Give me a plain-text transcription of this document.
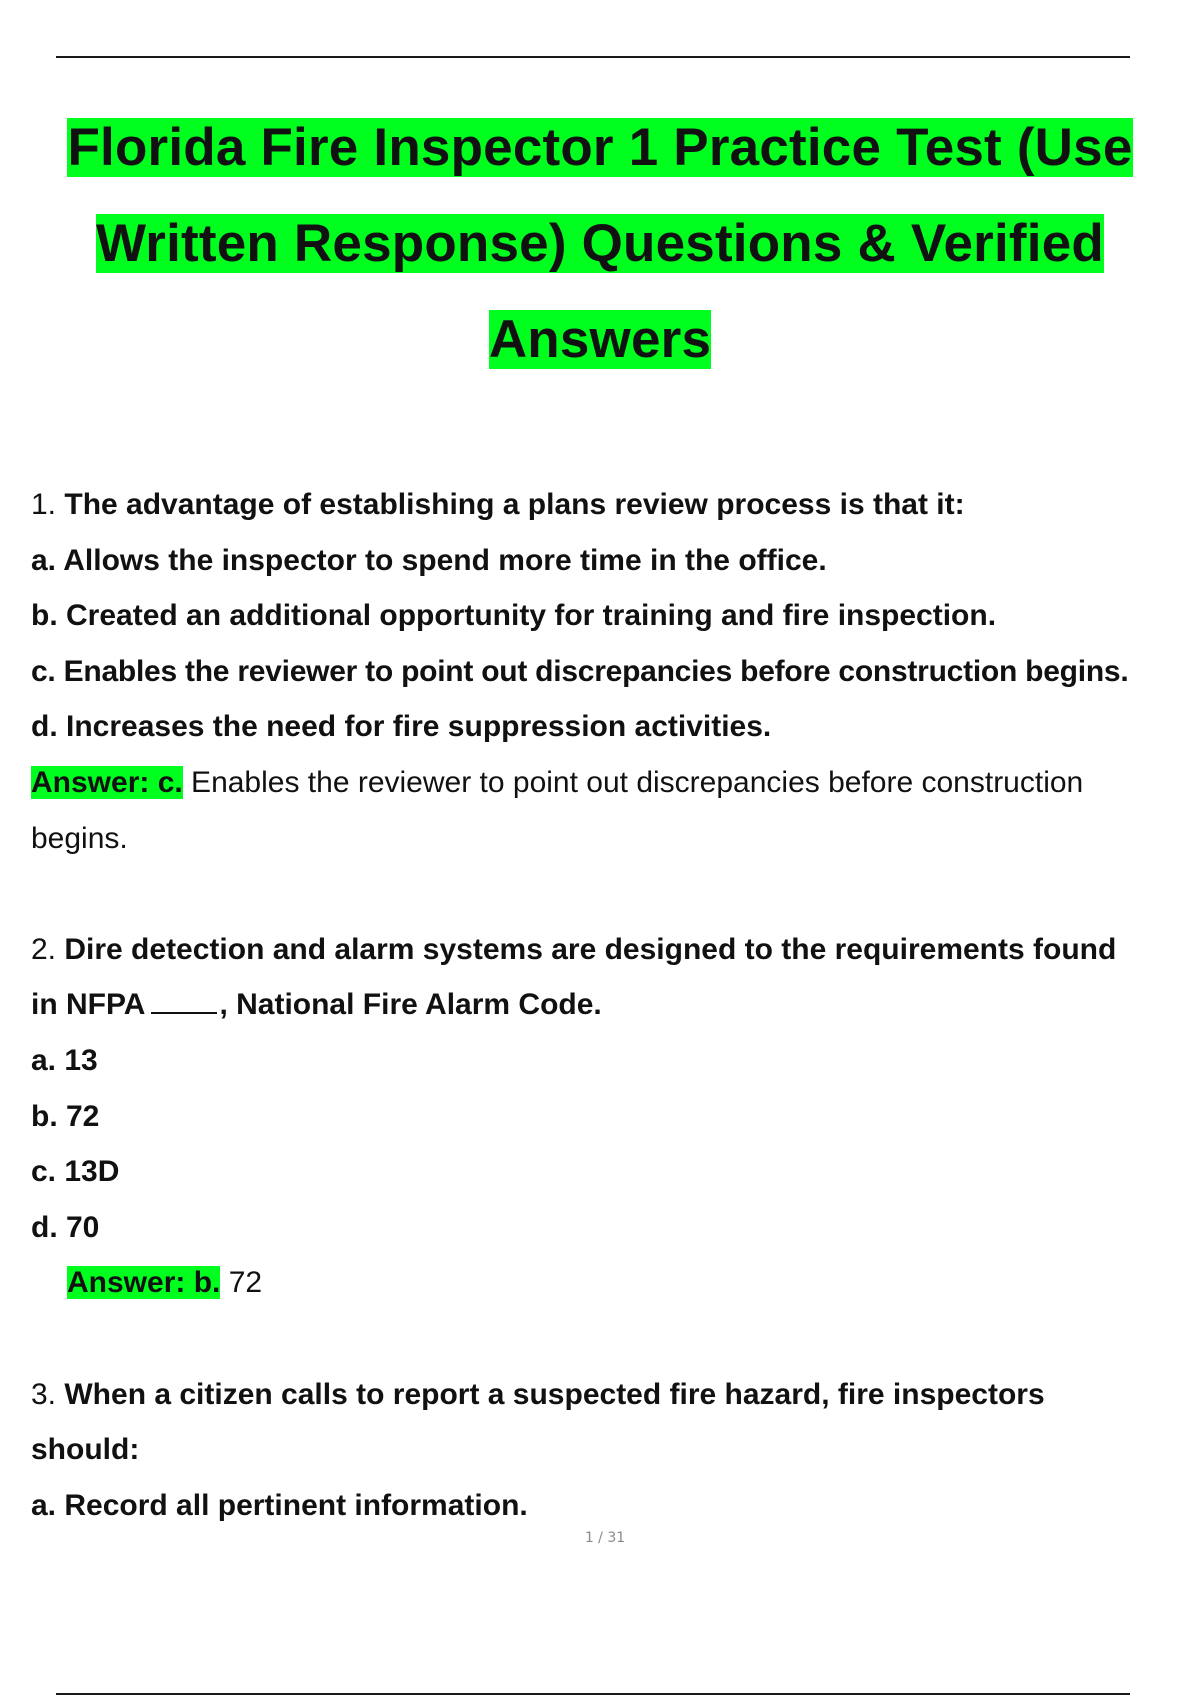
Florida Fire Inspector 1 Practice Test (Use
Written Response) Questions & Verified
Answers

1. The advantage of establishing a plans review process is that it:

a. Allows the inspector to spend more time in the office.

b. Created an additional opportunity for training and fire inspection.

c. Enables the reviewer to point out discrepancies before construction begins.

d. Increases the need for fire suppression activities.

Answer: c. Enables the reviewer to point out discrepancies before construction begins.

2. Dire detection and alarm systems are designed to the requirements found

in NFPA , National Fire Alarm Code.

a. 13

b. 72

c. 13D

d. 70

Answer: b. 72

3. When a citizen calls to report a suspected fire hazard, fire inspectors should:

a. Record all pertinent information.

1 / 31
